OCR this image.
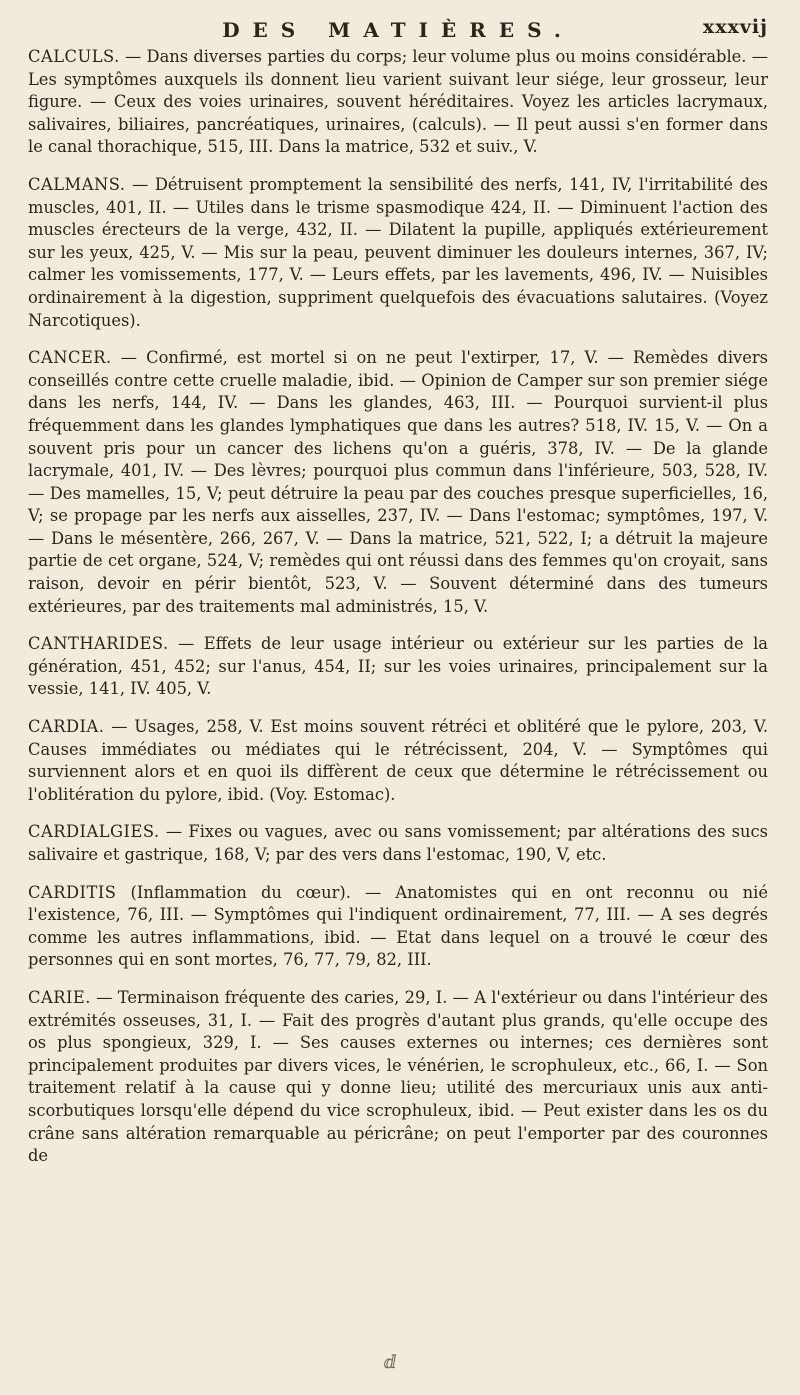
DES MATIÈRES.	xxxvij

CALCULS. — Dans diverses parties du corps; leur volume plus ou moins considérable. — Les symptômes auxquels ils donnent lieu varient suivant leur siége, leur grosseur, leur figure. — Ceux des voies urinaires, souvent héréditaires. Voyez les articles lacrymaux, salivaires, biliaires, pancréatiques, urinaires, (calculs). — Il peut aussi s'en former dans le canal thorachique, 515, III. Dans la matrice, 532 et suiv., V.

CALMANS. — Détruisent promptement la sensibilité des nerfs, 141, IV, l'irritabilité des muscles, 401, II. — Utiles dans le trisme spasmodique 424, II. — Diminuent l'action des muscles érecteurs de la verge, 432, II. — Dilatent la pupille, appliqués extérieurement sur les yeux, 425, V. — Mis sur la peau, peuvent diminuer les douleurs internes, 367, IV; calmer les vomissements, 177, V. — Leurs effets, par les lavements, 496, IV. — Nuisibles ordinairement à la digestion, suppriment quelquefois des évacuations salutaires. (Voyez Narcotiques).

CANCER. — Confirmé, est mortel si on ne peut l'extirper, 17, V. — Remèdes divers conseillés contre cette cruelle maladie, ibid. — Opinion de Camper sur son premier siége dans les nerfs, 144, IV. — Dans les glandes, 463, III. — Pourquoi survient-il plus fréquemment dans les glandes lymphatiques que dans les autres? 518, IV. 15, V. — On a souvent pris pour un cancer des lichens qu'on a guéris, 378, IV. — De la glande lacrymale, 401, IV. — Des lèvres; pourquoi plus commun dans l'inférieure, 503, 528, IV. — Des mamelles, 15, V; peut détruire la peau par des couches presque superficielles, 16, V; se propage par les nerfs aux aisselles, 237, IV. — Dans l'estomac; symptômes, 197, V. — Dans le mésentère, 266, 267, V. — Dans la matrice, 521, 522, I; a détruit la majeure partie de cet organe, 524, V; remèdes qui ont réussi dans des femmes qu'on croyait, sans raison, devoir en périr bientôt, 523, V. — Souvent déterminé dans des tumeurs extérieures, par des traitements mal administrés, 15, V.

CANTHARIDES. — Effets de leur usage intérieur ou extérieur sur les parties de la génération, 451, 452; sur l'anus, 454, II; sur les voies urinaires, principalement sur la vessie, 141, IV. 405, V.

CARDIA. — Usages, 258, V. Est moins souvent rétréci et oblitéré que le pylore, 203, V. Causes immédiates ou médiates qui le rétrécissent, 204, V. — Symptômes qui surviennent alors et en quoi ils diffèrent de ceux que détermine le rétrécissement ou l'oblitération du pylore, ibid. (Voy. Estomac).

CARDIALGIES. — Fixes ou vagues, avec ou sans vomissement; par altérations des sucs salivaire et gastrique, 168, V; par des vers dans l'estomac, 190, V, etc.

CARDITIS (Inflammation du cœur). — Anatomistes qui en ont reconnu ou nié l'existence, 76, III. — Symptômes qui l'indiquent ordinairement, 77, III. — A ses degrés comme les autres inflammations, ibid. — Etat dans lequel on a trouvé le cœur des personnes qui en sont mortes, 76, 77, 79, 82, III.

CARIE. — Terminaison fréquente des caries, 29, I. — A l'extérieur ou dans l'intérieur des extrémités osseuses, 31, I. — Fait des progrès d'autant plus grands, qu'elle occupe des os plus spongieux, 329, I. — Ses causes externes ou internes; ces dernières sont principalement produites par divers vices, le vénérien, le scrophuleux, etc., 66, I. — Son traitement relatif à la cause qui y donne lieu; utilité des mercuriaux unis aux anti-scorbutiques lorsqu'elle dépend du vice scrophuleux, ibid. — Peut exister dans les os du crâne sans altération remarquable au péricrâne; on peut l'emporter par des couronnes de

ⅆ
